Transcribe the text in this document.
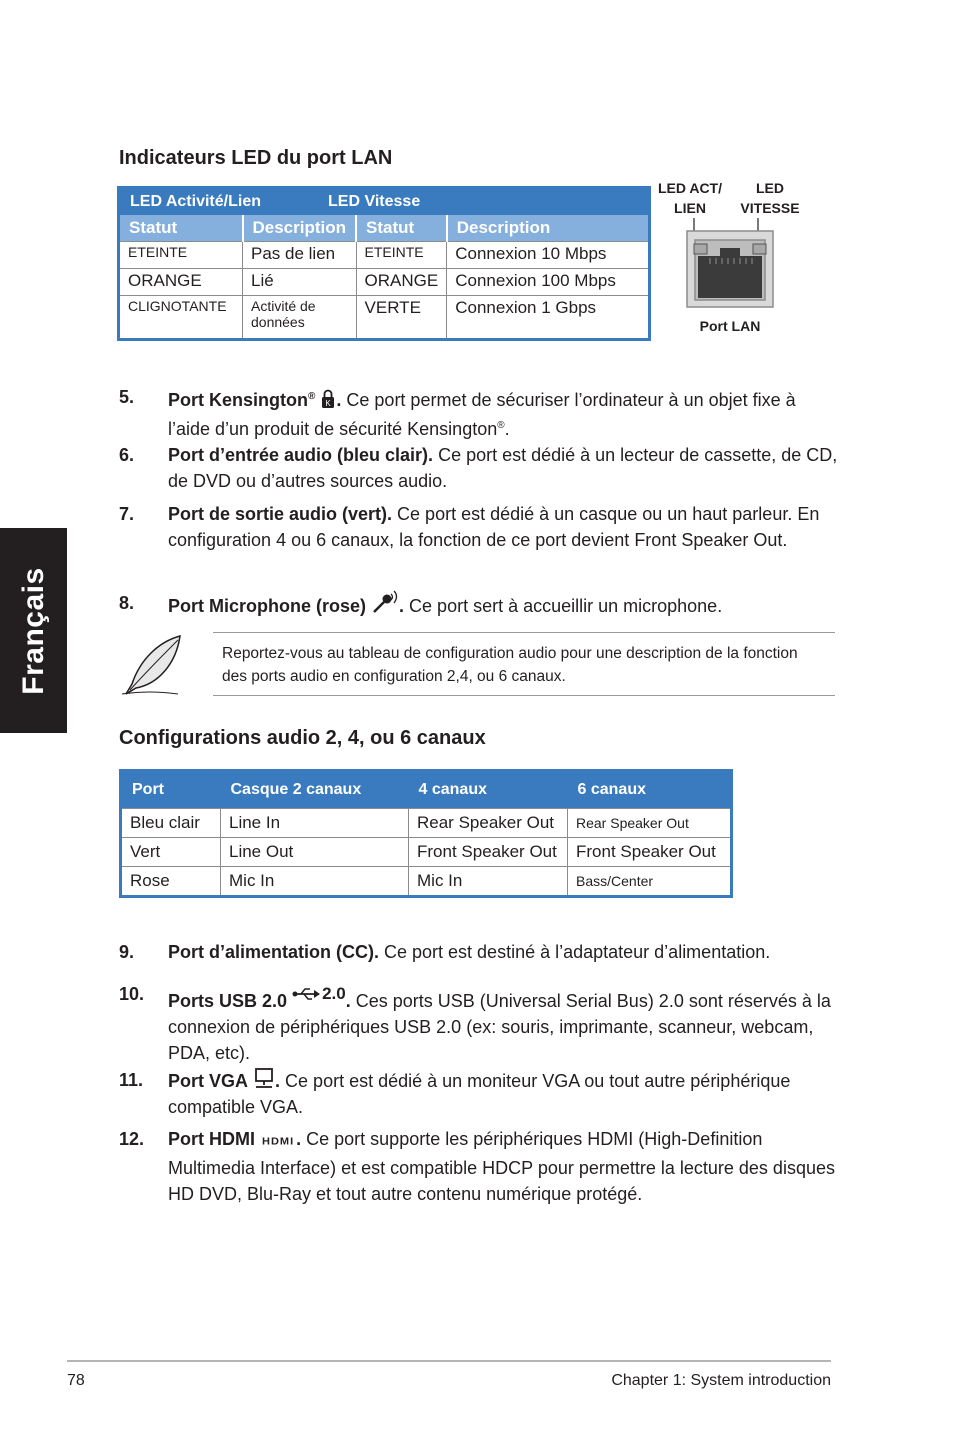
Français
Indicateurs LED du port LAN
LED Activité/Lien		LED Vitesse	
Statut	Description	Statut	Description
ETEINTE	Pas de lien	ETEINTE	Connexion 10 Mbps
ORANGE	Lié	ORANGE	Connexion 100 Mbps
CLIGNOTANTE	Activité de données	VERTE	Connexion 1 Gbps
LED ACT/
LIEN
LED
VITESSE
Port LAN
5. Port Kensington®
K . Ce port permet de sécuriser l’ordinateur à un objet fixe à l’aide d’un produit de sécurité Kensington®.
6. Port d’entrée audio (bleu clair). Ce port est dédié à un lecteur de cassette, de CD, de DVD ou d’autres sources audio.
7. Port de sortie audio (vert). Ce port est dédié à un casque ou un haut parleur. En configuration 4 ou 6 canaux, la fonction de ce port devient Front Speaker Out.
8. Port Microphone (rose) . Ce port sert à accueillir un microphone.
Reportez-vous au tableau de configuration audio pour une description de la fonction des ports audio en configuration 2,4, ou 6 canaux.
Configurations audio 2, 4, ou 6 canaux
Port	Casque 2 canaux	4 canaux	6 canaux
Bleu clair	Line In	Rear Speaker Out	Rear Speaker Out
Vert	Line Out	Front Speaker Out	Front Speaker Out
Rose	Mic In	Mic In	Bass/Center
9. Port d’alimentation (CC). Ce port est destiné à l’adaptateur d’alimentation.
10. Ports USB 2.0 $^{2.0}$. Ces ports USB (Universal Serial Bus) 2.0 sont réservés à la connexion de périphériques USB 2.0 (ex: souris, imprimante, scanneur, webcam, PDA, etc).
11. Port VGA . Ce port est dédié à un moniteur VGA ou tout autre périphérique compatible VGA.
12. Port HDMI HDMI . Ce port supporte les périphériques HDMI (High-Definition Multimedia Interface) et est compatible HDCP pour permettre la lecture des disques HD DVD, Blu-Ray et tout autre contenu numérique protégé.
78	Chapter 1: System introduction
